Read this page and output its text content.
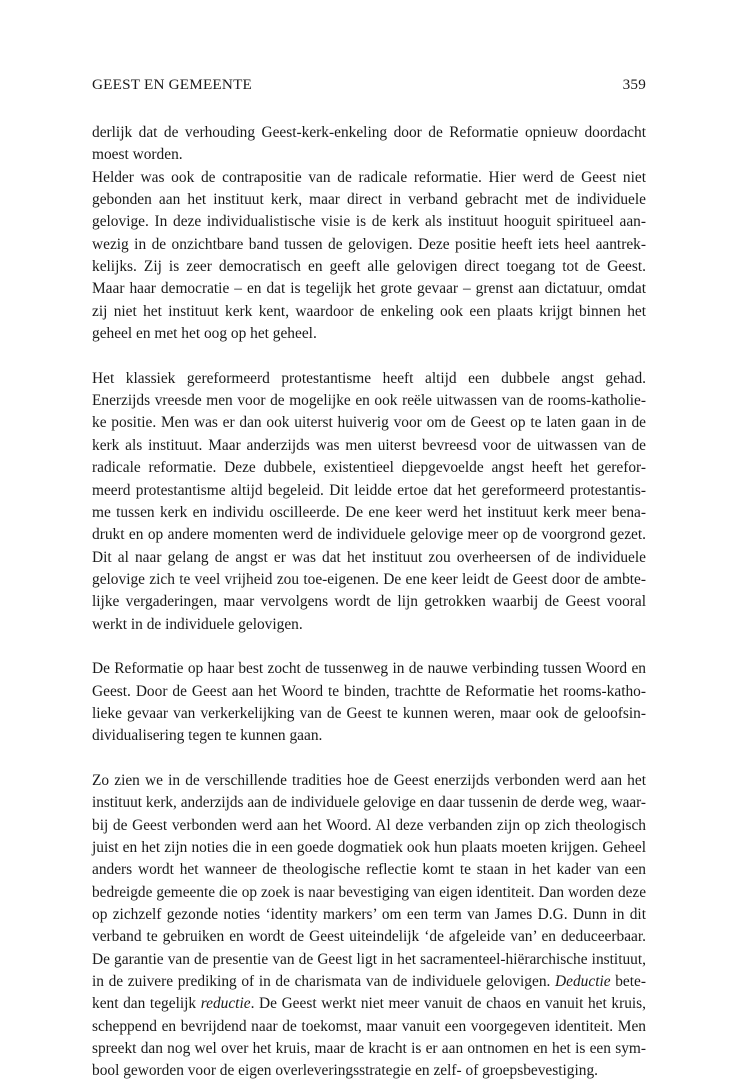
GEEST EN GEMEENTE	359
derlijk dat de verhouding Geest-kerk-enkeling door de Reformatie opnieuw doordacht
moest worden.
Helder was ook de contrapositie van de radicale reformatie. Hier werd de Geest niet
gebonden aan het instituut kerk, maar direct in verband gebracht met de individuele
gelovige. In deze individualistische visie is de kerk als instituut hooguit spiritueel aan-
wezig in de onzichtbare band tussen de gelovigen. Deze positie heeft iets heel aantrek-
kelijks. Zij is zeer democratisch en geeft alle gelovigen direct toegang tot de Geest.
Maar haar democratie – en dat is tegelijk het grote gevaar – grenst aan dictatuur, omdat
zij niet het instituut kerk kent, waardoor de enkeling ook een plaats krijgt binnen het
geheel en met het oog op het geheel.
Het klassiek gereformeerd protestantisme heeft altijd een dubbele angst gehad.
Enerzijds vreesde men voor de mogelijke en ook reële uitwassen van de rooms-katholie-
ke positie. Men was er dan ook uiterst huiverig voor om de Geest op te laten gaan in de
kerk als instituut. Maar anderzijds was men uiterst bevreesd voor de uitwassen van de
radicale reformatie. Deze dubbele, existentieel diepgevoelde angst heeft het gerefor-
meerd protestantisme altijd begeleid. Dit leidde ertoe dat het gereformeerd protestantis-
me tussen kerk en individu oscilleerde. De ene keer werd het instituut kerk meer bena-
drukt en op andere momenten werd de individuele gelovige meer op de voorgrond gezet.
Dit al naar gelang de angst er was dat het instituut zou overheersen of de individuele
gelovige zich te veel vrijheid zou toe-eigenen. De ene keer leidt de Geest door de ambte-
lijke vergaderingen, maar vervolgens wordt de lijn getrokken waarbij de Geest vooral
werkt in de individuele gelovigen.
De Reformatie op haar best zocht de tussenweg in de nauwe verbinding tussen Woord en
Geest. Door de Geest aan het Woord te binden, trachtte de Reformatie het rooms-katho-
lieke gevaar van verkerkelijking van de Geest te kunnen weren, maar ook de geloofsin-
dividualisering tegen te kunnen gaan.
Zo zien we in de verschillende tradities hoe de Geest enerzijds verbonden werd aan het
instituut kerk, anderzijds aan de individuele gelovige en daar tussenin de derde weg, waar-
bij de Geest verbonden werd aan het Woord. Al deze verbanden zijn op zich theologisch
juist en het zijn noties die in een goede dogmatiek ook hun plaats moeten krijgen. Geheel
anders wordt het wanneer de theologische reflectie komt te staan in het kader van een
bedreigde gemeente die op zoek is naar bevestiging van eigen identiteit. Dan worden deze
op zichzelf gezonde noties ‘identity markers’ om een term van James D.G. Dunn in dit
verband te gebruiken en wordt de Geest uiteindelijk ‘de afgeleide van’ en deduceerbaar.
De garantie van de presentie van de Geest ligt in het sacramenteel-hiërarchische instituut,
in de zuivere prediking of in de charismata van de individuele gelovigen. Deductie bete-
kent dan tegelijk reductie. De Geest werkt niet meer vanuit de chaos en vanuit het kruis,
scheppend en bevrijdend naar de toekomst, maar vanuit een voorgegeven identiteit. Men
spreekt dan nog wel over het kruis, maar de kracht is er aan ontnomen en het is een sym-
bool geworden voor de eigen overleveringsstrategie en zelf- of groepsbevestiging.
